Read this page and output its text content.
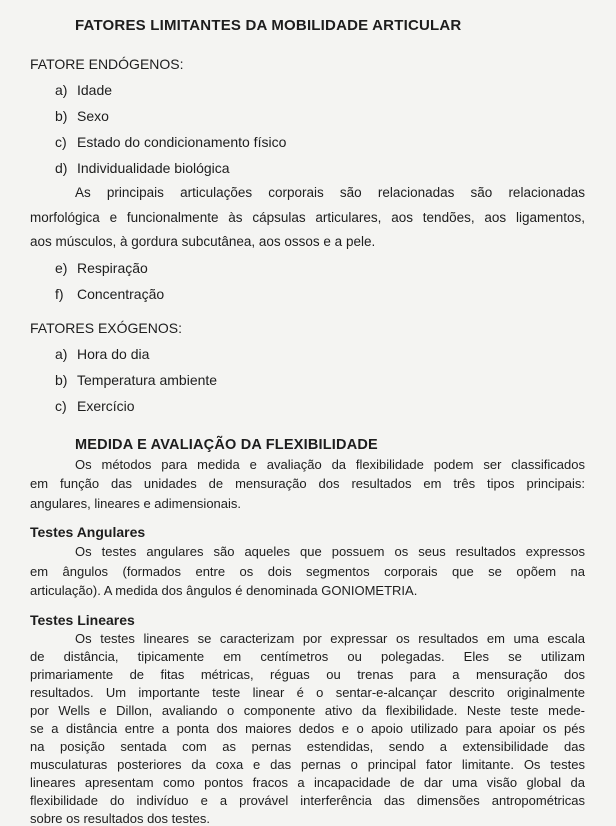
FATORES LIMITANTES DA MOBILIDADE ARTICULAR
FATORE ENDÓGENOS:
a) Idade
b) Sexo
c) Estado do condicionamento físico
d) Individualidade biológica
As principais articulações corporais são relacionadas são relacionadas
morfológica e funcionalmente às cápsulas articulares, aos tendões, aos ligamentos,
aos músculos, à gordura subcutânea, aos ossos e a pele.
e) Respiração
f) Concentração
FATORES EXÓGENOS:
a) Hora do dia
b) Temperatura ambiente
c) Exercício
MEDIDA E AVALIAÇÃO DA FLEXIBILIDADE
Os métodos para medida e avaliação da flexibilidade podem ser classificados
em função das unidades de mensuração dos resultados em três tipos principais:
angulares, lineares e adimensionais.
Testes Angulares
Os testes angulares são aqueles que possuem os seus resultados expressos
em ângulos (formados entre os dois segmentos corporais que se opõem na
articulação). A medida dos ângulos é denominada GONIOMETRIA.
Testes Lineares
Os testes lineares se caracterizam por expressar os resultados em uma escala
de distância, tipicamente em centímetros ou polegadas. Eles se utilizam
primariamente de fitas métricas, réguas ou trenas para a mensuração dos
resultados. Um importante teste linear é o sentar-e-alcançar descrito originalmente
por Wells e Dillon, avaliando o componente ativo da flexibilidade. Neste teste mede-
se a distância entre a ponta dos maiores dedos e o apoio utilizado para apoiar os pés
na posição sentada com as pernas estendidas, sendo a extensibilidade das
musculaturas posteriores da coxa e das pernas o principal fator limitante. Os testes
lineares apresentam como pontos fracos a incapacidade de dar uma visão global da
flexibilidade do indivíduo e a provável interferência das dimensões antropométricas
sobre os resultados dos testes.
